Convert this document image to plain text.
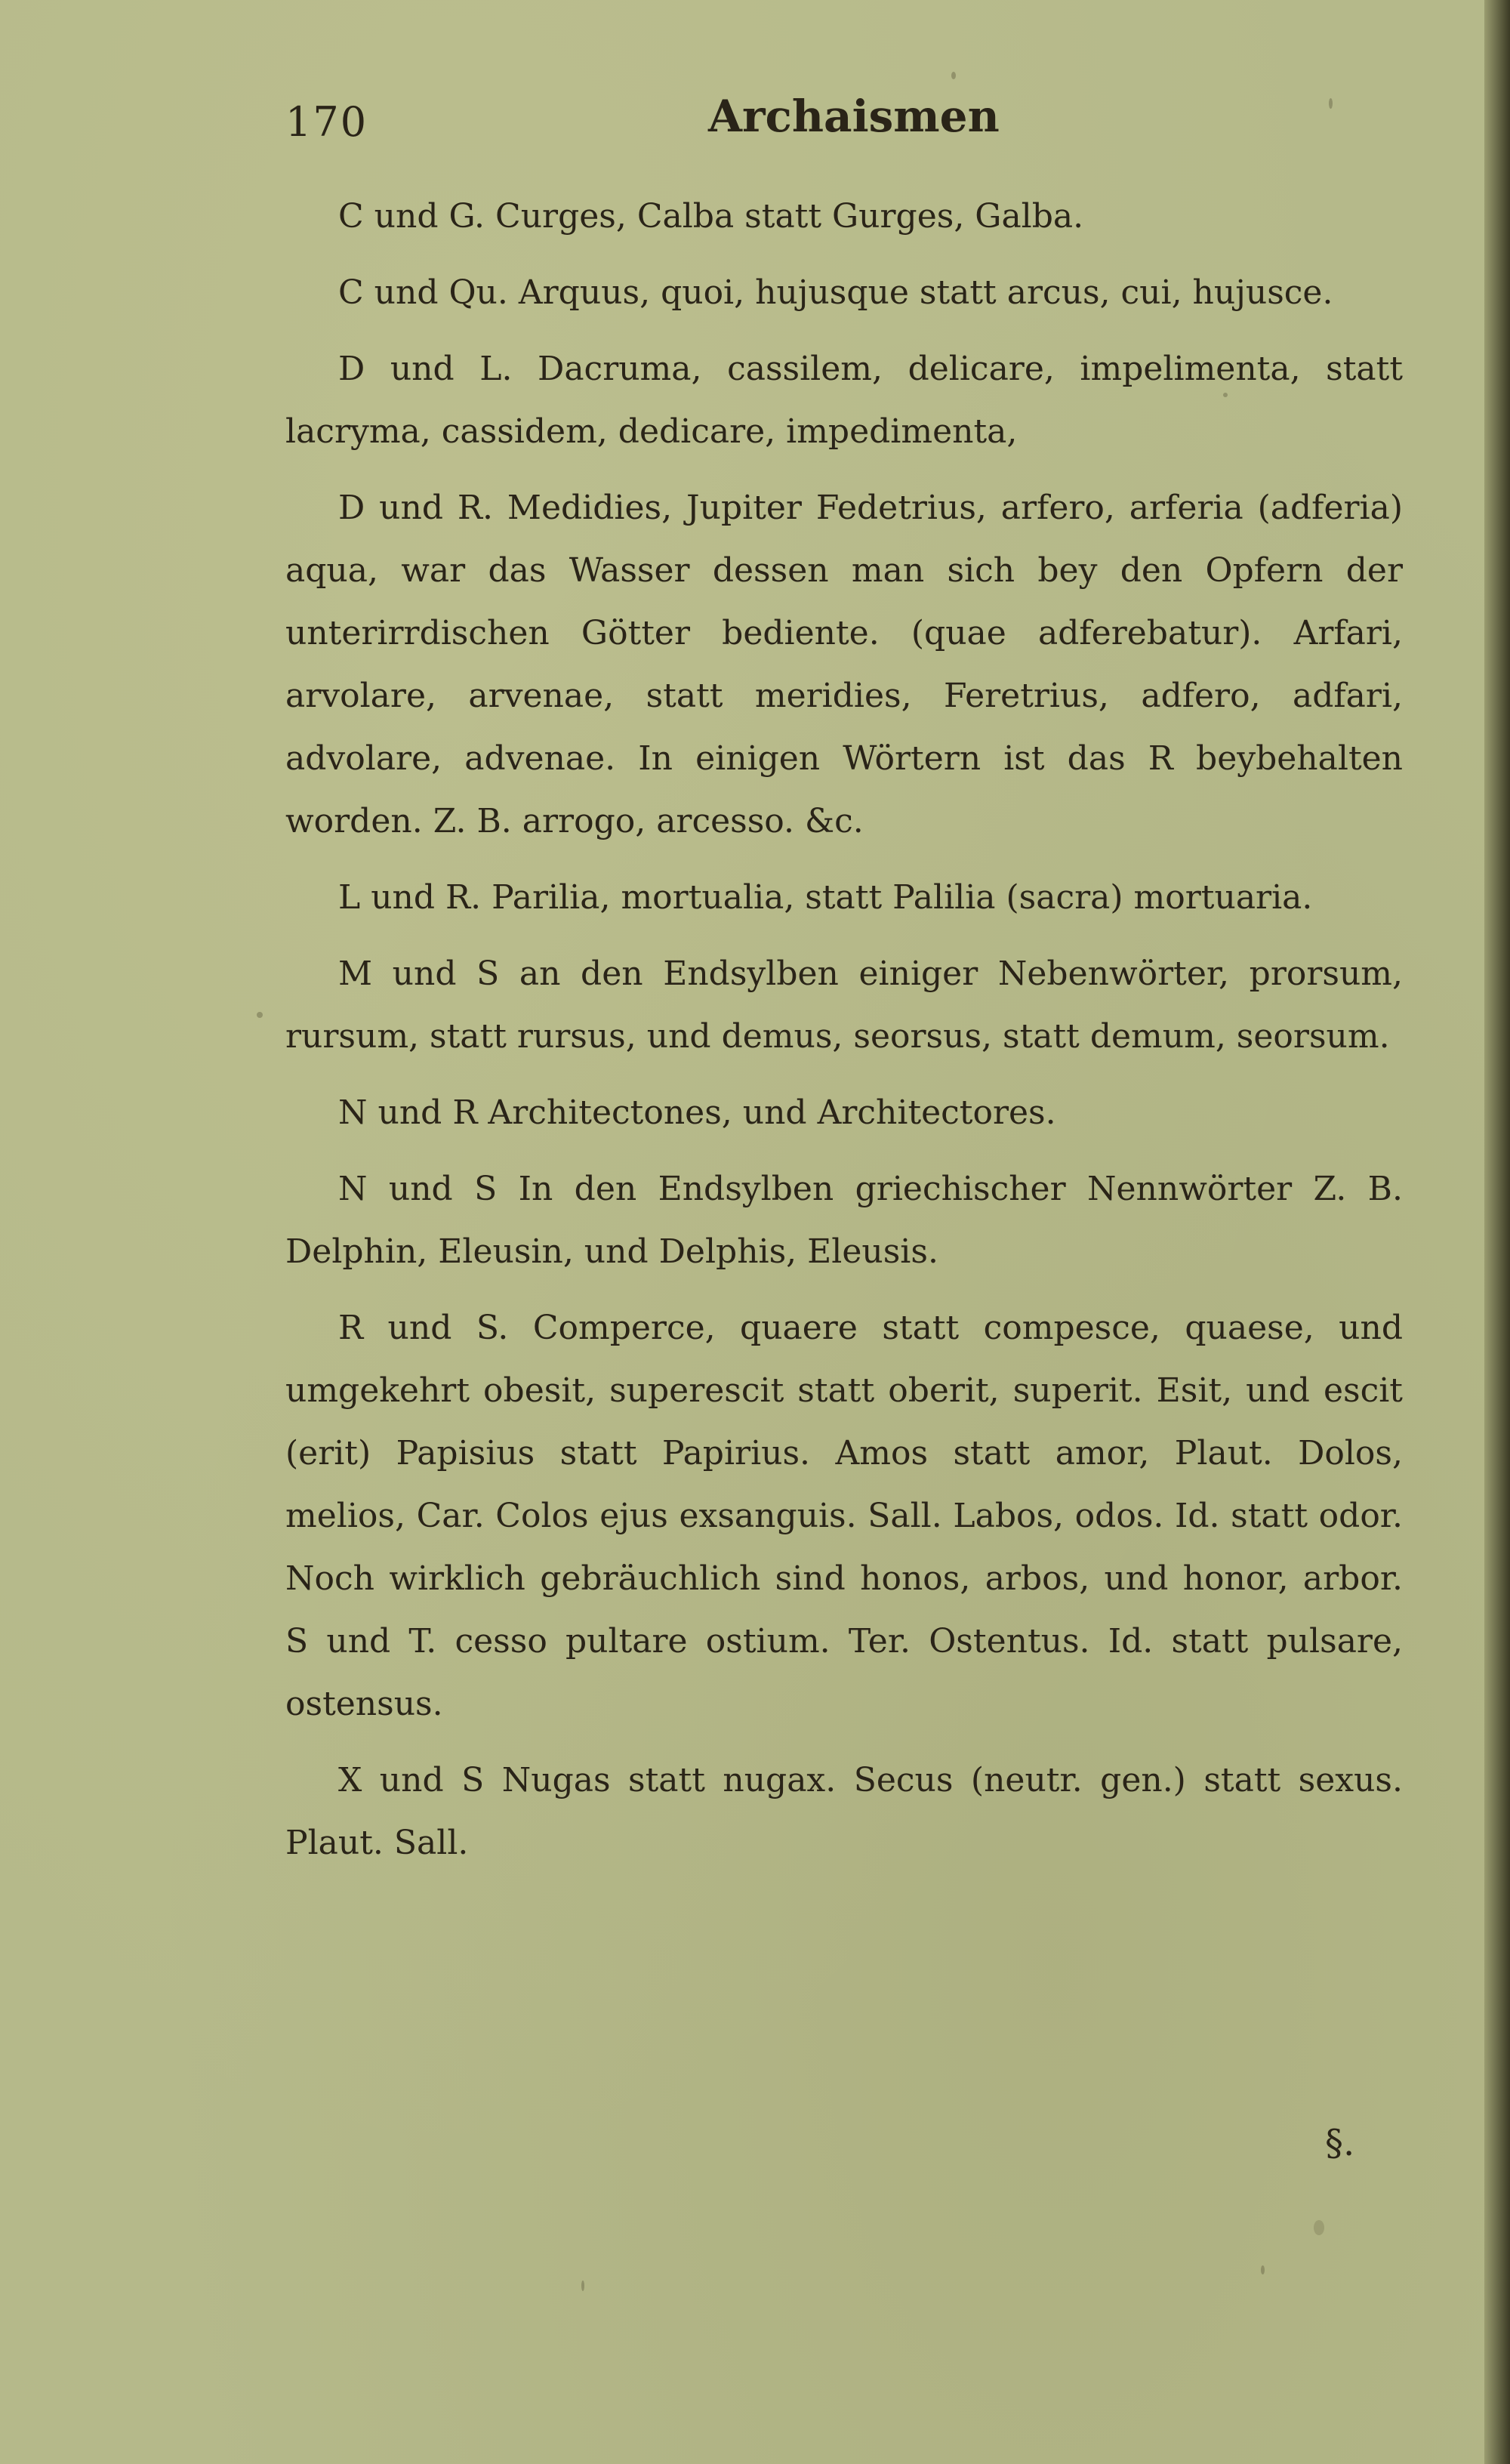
170	Archaismen

C und G. Curges, Calba statt Gurges, Galba.

C und Qu. Arquus, quoi, hujusque statt arcus, cui, hujusce.

D und L. Dacruma, cassilem, delicare, impelimenta, statt lacryma, cassidem, dedicare, impedimenta,

D und R. Medidies, Jupiter Fedetrius, arfero, arferia (adferia) aqua, war das Wasser dessen man sich bey den Opfern der unterirrdischen Götter bediente. (quae adferebatur). Arfari, arvolare, arvenae, statt meridies, Feretrius, adfero, adfari, advolare, advenae. In einigen Wörtern ist das R beybehalten worden. Z. B. arrogo, arcesso. &c.

L und R. Parilia, mortualia, statt Palilia (sacra) mortuaria.

M und S an den Endsylben einiger Nebenwörter, prorsum, rursum, statt rursus, und demus, seorsus, statt demum, seorsum.

N und R Architectones, und Architectores.

N und S In den Endsylben griechischer Nennwörter Z. B. Delphin, Eleusin, und Delphis, Eleusis.

R und S. Comperce, quaere statt compesce, quaese, und umgekehrt obesit, superescit statt oberit, superit. Esit, und escit (erit) Papisius statt Papirius. Amos statt amor, Plaut. Dolos, melios, Car. Colos ejus exsanguis. Sall. Labos, odos. Id. statt odor. Noch wirklich gebräuchlich sind honos, arbos, und honor, arbor. S und T. cesso pultare ostium. Ter. Ostentus. Id. statt pulsare, ostensus.

X und S Nugas statt nugax. Secus (neutr. gen.) statt sexus. Plaut. Sall.

§.
